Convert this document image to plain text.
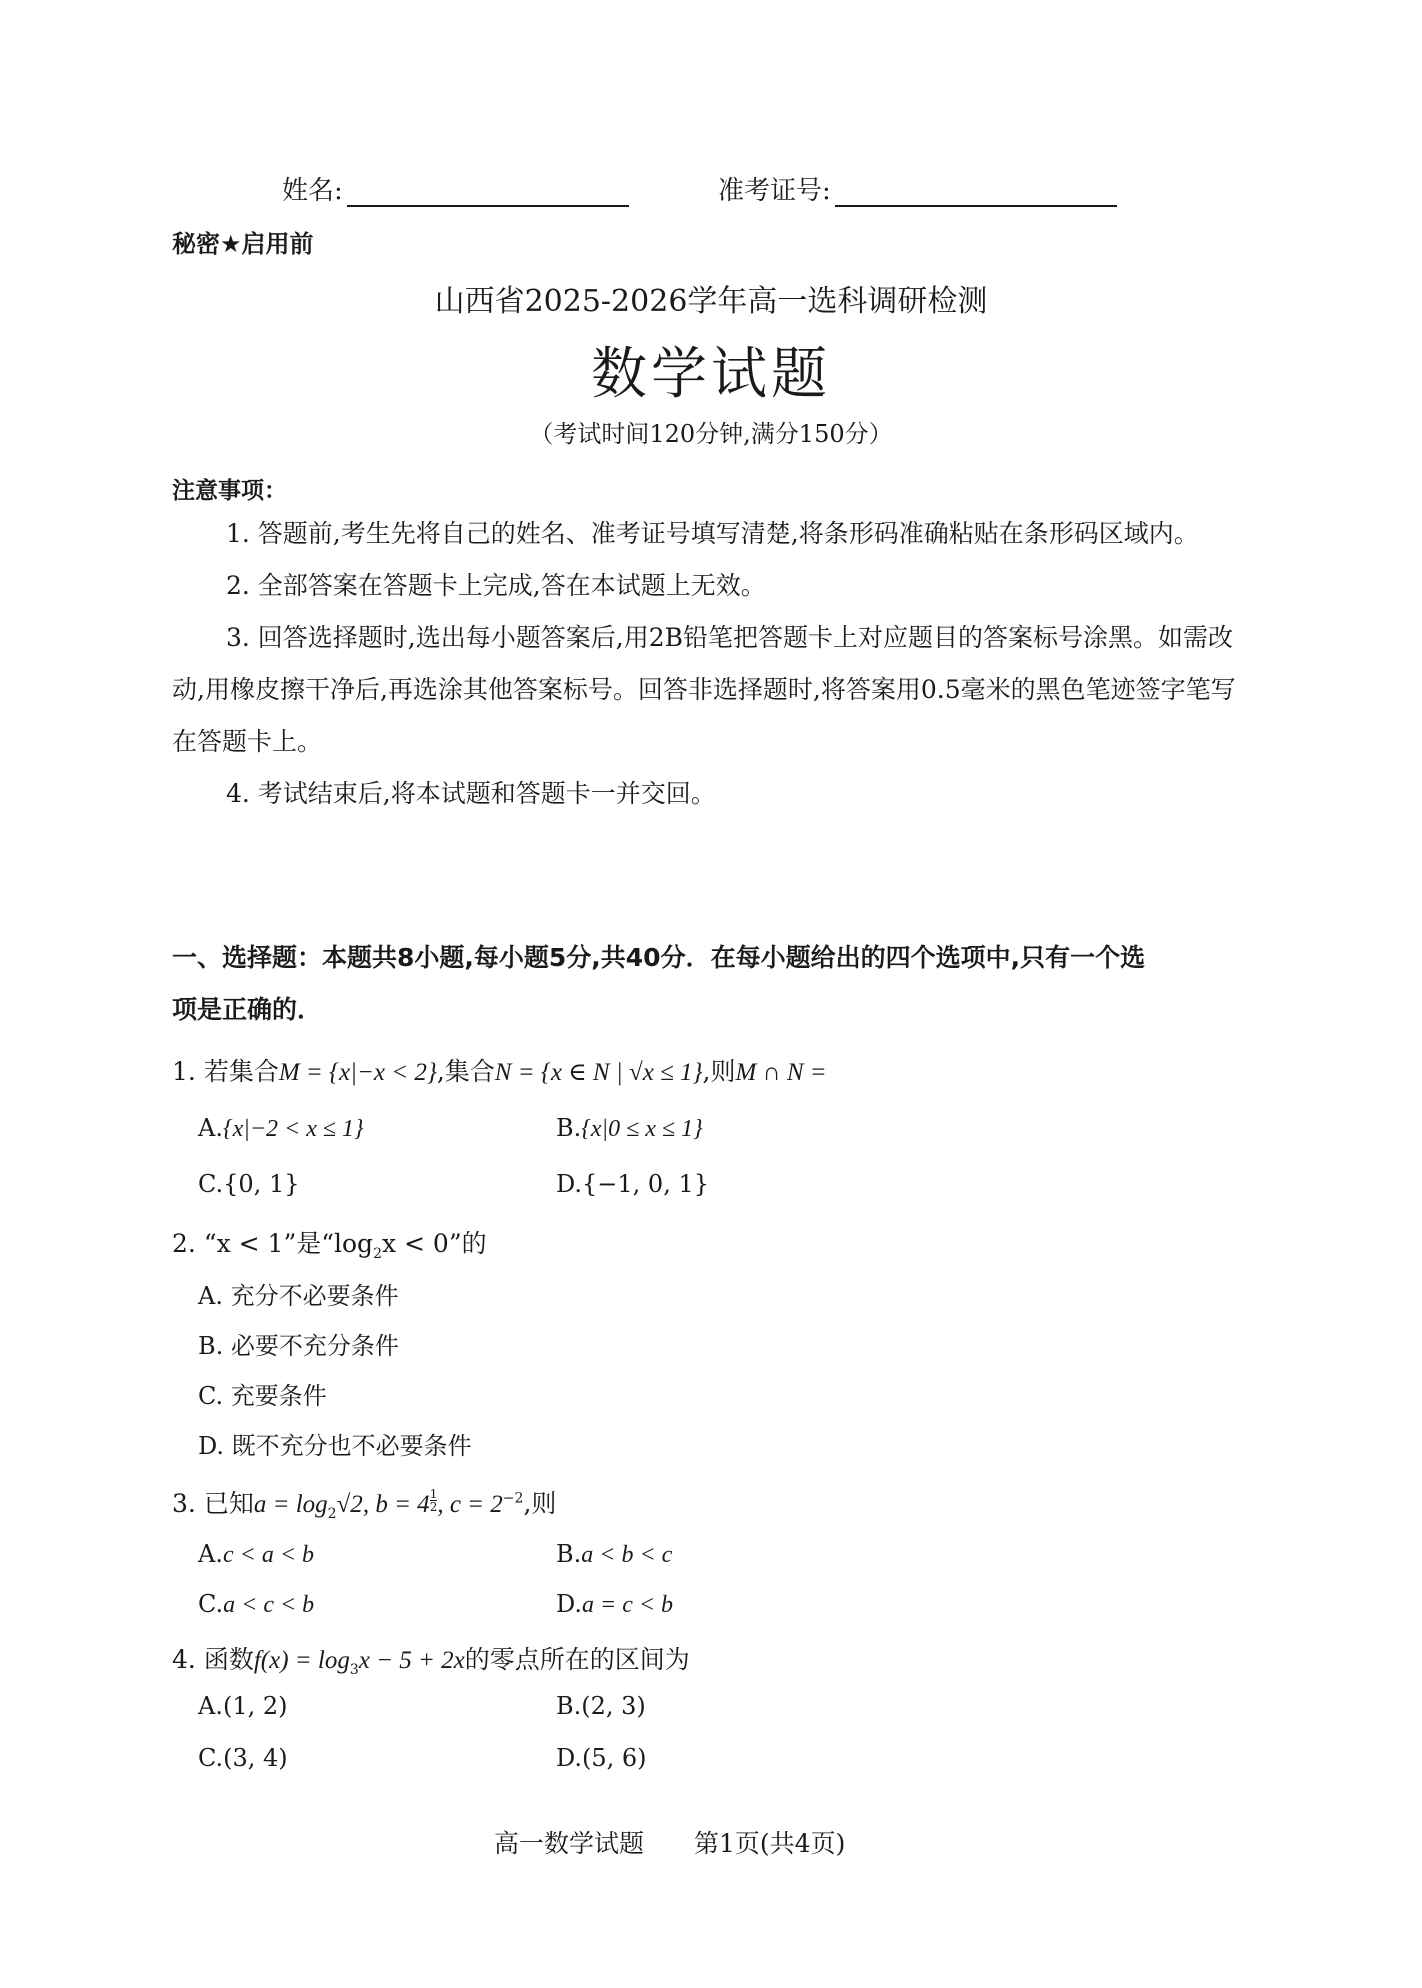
姓名:	准考证号:
秘密★启用前
山西省2025-2026学年高一选科调研检测
数学试题
（考试时间120分钟,满分150分）
注意事项：

1. 答题前,考生先将自己的姓名、准考证号填写清楚,将条形码准确粘贴在条形码区域内。

2. 全部答案在答题卡上完成,答在本试题上无效。

3. 回答选择题时,选出每小题答案后,用2B铅笔把答题卡上对应题目的答案标号涂黑。如需改动,用橡皮擦干净后,再选涂其他答案标号。回答非选择题时,将答案用0.5毫米的黑色笔迹签字笔写在答题卡上。

4. 考试结束后,将本试题和答题卡一并交回。

一、选择题：本题共8小题,每小题5分,共40分．在每小题给出的四个选项中,只有一个选

项是正确的．

1. 若集合M = {x|−x < 2},集合N = {x ∈ N | √x ≤ 1},则M ∩ N =
A.{x|−2 < x ≤ 1}	B.{x|0 ≤ x ≤ 1}
C.{0, 1}	D.{−1, 0, 1}
2. “x < 1”是“$\log_2x < 0$”的
A. 充分不必要条件
B. 必要不充分条件
C. 充要条件
D. 既不充分也不必要条件
3. 已知$a = \log_2√2$, $b = 4 \frac{1}{2}$ , $c = 2^{-2}$,则
A.c < a < b	B.a < b < c
C.a < c < b	D.a = c < b
4. 函数$f(x) = \log_3x - 5 + 2x$的零点所在的区间为
A.(1, 2)	B.(2, 3)
C.(3, 4)	D.(5, 6)
高一数学试题 第1页(共4页)
